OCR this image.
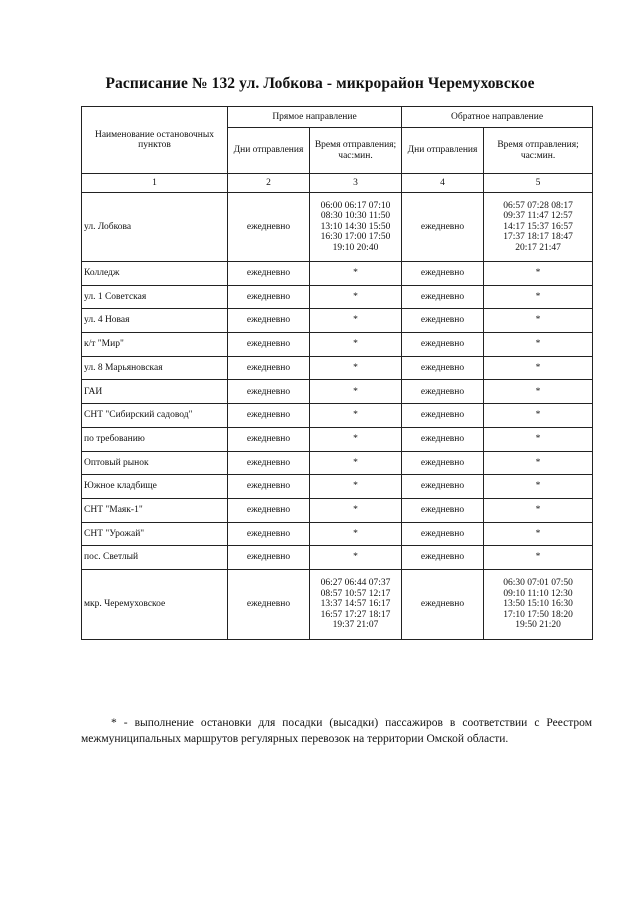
Расписание № 132 ул. Лобкова - микрорайон Черемуховское
Наименование остановочных пунктов	Прямое направление		Обратное направление	
	Дни отправления	Время отправления; час:мин.	Дни отправления	Время отправления; час:мин.
1	2	3	4	5
ул. Лобкова	ежедневно	06:00 06:17 07:10
08:30 10:30 11:50
13:10 14:30 15:50
16:30 17:00 17:50
19:10 20:40	ежедневно	06:57 07:28 08:17
09:37 11:47 12:57
14:17 15:37 16:57
17:37 18:17 18:47
20:17 21:47
Колледж	ежедневно	*	ежедневно	*
ул. 1 Советская	ежедневно	*	ежедневно	*
ул. 4 Новая	ежедневно	*	ежедневно	*
к/т "Мир"	ежедневно	*	ежедневно	*
ул. 8 Марьяновская	ежедневно	*	ежедневно	*
ГАИ	ежедневно	*	ежедневно	*
СНТ "Сибирский садовод"	ежедневно	*	ежедневно	*
по требованию	ежедневно	*	ежедневно	*
Оптовый рынок	ежедневно	*	ежедневно	*
Южное кладбище	ежедневно	*	ежедневно	*
СНТ "Маяк-1"	ежедневно	*	ежедневно	*
СНТ "Урожай"	ежедневно	*	ежедневно	*
пос. Светлый	ежедневно	*	ежедневно	*
мкр. Черемуховское	ежедневно	06:27 06:44 07:37
08:57 10:57 12:17
13:37 14:57 16:17
16:57 17:27 18:17
19:37 21:07	ежедневно	06:30 07:01 07:50
09:10 11:10 12:30
13:50 15:10 16:30
17:10 17:50 18:20
19:50 21:20
* - выполнение остановки для посадки (высадки) пассажиров в соответствии с Реестром межмуниципальных маршрутов регулярных перевозок на территории Омской области.
